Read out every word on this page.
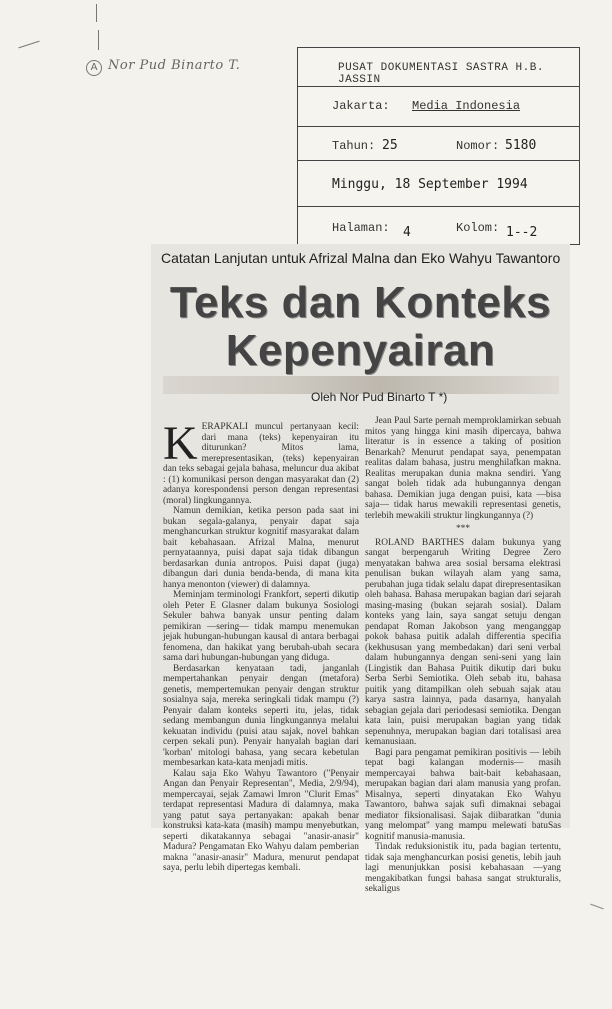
A Nor Pud Binarto T.	PUSAT DOKUMENTASI SASTRA H.B. JASSIN
Jakarta: Media Indonesia
Tahun: 25	Nomor: 5180
Minggu, 18 September 1994
Halaman: 4	Kolom: 1--2
Catatan Lanjutan untuk Afrizal Malna dan Eko Wahyu Tawantoro
Teks dan Konteks
Kepenyairan
Oleh Nor Pud Binarto T *)

KERAPKALI muncul pertanyaan kecil: dari mana (teks) kepenyairan itu diturunkan? Mitos lama, merepresentasikan, (teks) kepenyairan dan teks sebagai gejala bahasa, meluncur dua akibat : (1) komunikasi person dengan masyarakat dan (2) adanya korespondensi person dengan representasi (moral) lingkungannya.

Namun demikian, ketika person pada saat ini bukan segala-galanya, penyair dapat saja menghancurkan struktur kognitif masyarakat dalam bait kebahasaan. Afrizal Malna, menurut pernyataannya, puisi dapat saja tidak dibangun berdasarkan dunia antropos. Puisi dapat (juga) dibangun dari dunia benda-benda, di mana kita hanya menonton (viewer) di dalamnya.

Meminjam terminologi Frankfort, seperti dikutip oleh Peter E Glasner dalam bukunya Sosiologi Sekuler bahwa banyak unsur penting dalam pemikiran —sering— tidak mampu menemukan jejak hubungan-hubungan kausal di antara berbagai fenomena, dan hakikat yang berubah-ubah secara sama dari hubungan-hubungan yang diduga.

Berdasarkan kenyataan tadi, janganlah mempertahankan penyair dengan (metafora) genetis, mempertemukan penyair dengan struktur sosialnya saja, mereka seringkali tidak mampu (?) Penyair dalam konteks seperti itu, jelas, tidak sedang membangun dunia lingkungannya melalui kekuatan individu (puisi atau sajak, novel bahkan cerpen sekali pun). Penyair hanyalah bagian dari 'korban' mitologi bahasa, yang secara kebetulan membesarkan kata-kata menjadi mitis.

Kalau saja Eko Wahyu Tawantoro ("Penyair Angan dan Penyair Representan", Media, 2/9/94), mempercayai, sejak Zamawi Imron "Clurit Emas" terdapat representasi Madura di dalamnya, maka yang patut saya pertanyakan: apakah benar konstruksi kata-kata (masih) mampu menyebutkan, seperti dikatakannya sebagai "anasir-anasir" Madura? Pengamatan Eko Wahyu dalam pemberian makna "anasir-anasir" Madura, menurut pendapat saya, perlu lebih dipertegas kembali.

Jean Paul Sarte pernah memproklamirkan sebuah mitos yang hingga kini masih dipercaya, bahwa literatur is in essence a taking of position Benarkah? Menurut pendapat saya, penempatan realitas dalam bahasa, justru menghilafkan makna. Realitas merupakan dunia makna sendiri. Yang sangat boleh tidak ada hubungannya dengan bahasa. Demikian juga dengan puisi, kata —bisa saja— tidak harus mewakili representasi genetis, terlebih mewakili struktur lingkungannya (?)

***

ROLAND BARTHES dalam bukunya yang sangat berpengaruh Writing Degree Zero menyatakan bahwa area sosial bersama elektrasi penulisan bukan wilayah alam yang sama, perubahan juga tidak selalu dapat direpresentasikan oleh bahasa. Bahasa merupakan bagian dari sejarah masing-masing (bukan sejarah sosial). Dalam konteks yang lain, saya sangat setuju dengan pendapat Roman Jakobson yang menganggap pokok bahasa puitik adalah differentia specifia (kekhususan yang membedakan) dari seni verbal dalam hubungannya dengan seni-seni yang lain (Lingistik dan Bahasa Puitik dikutip dari buku Serba Serbi Semiotika. Oleh sebab itu, bahasa puitik yang ditampilkan oleh sebuah sajak atau karya sastra lainnya, pada dasarnya, hanyalah sebagian gejala dari periodesasi semiotika. Dengan kata lain, puisi merupakan bagian yang tidak sepenuhnya, merupakan bagian dari totalisasi area kemanusiaan.

Bagi para pengamat pemikiran positivis — lebih tepat bagi kalangan modernis— masih mempercayai bahwa bait-bait kebahasaan, merupakan bagian dari alam manusia yang profan. Misalnya, seperti dinyatakan Eko Wahyu Tawantoro, bahwa sajak sufi dimaknai sebagai mediator fiksionalisasi. Sajak diibaratkan "dunia yang melompat" yang mampu melewati batuSas kognitif manusia-manusia.

Tindak reduksionistik itu, pada bagian tertentu, tidak saja menghancurkan posisi genetis, lebih jauh lagi menunjukkan posisi kebahasaan —yang mengakibatkan fungsi bahasa sangat strukturalis, sekaligus
